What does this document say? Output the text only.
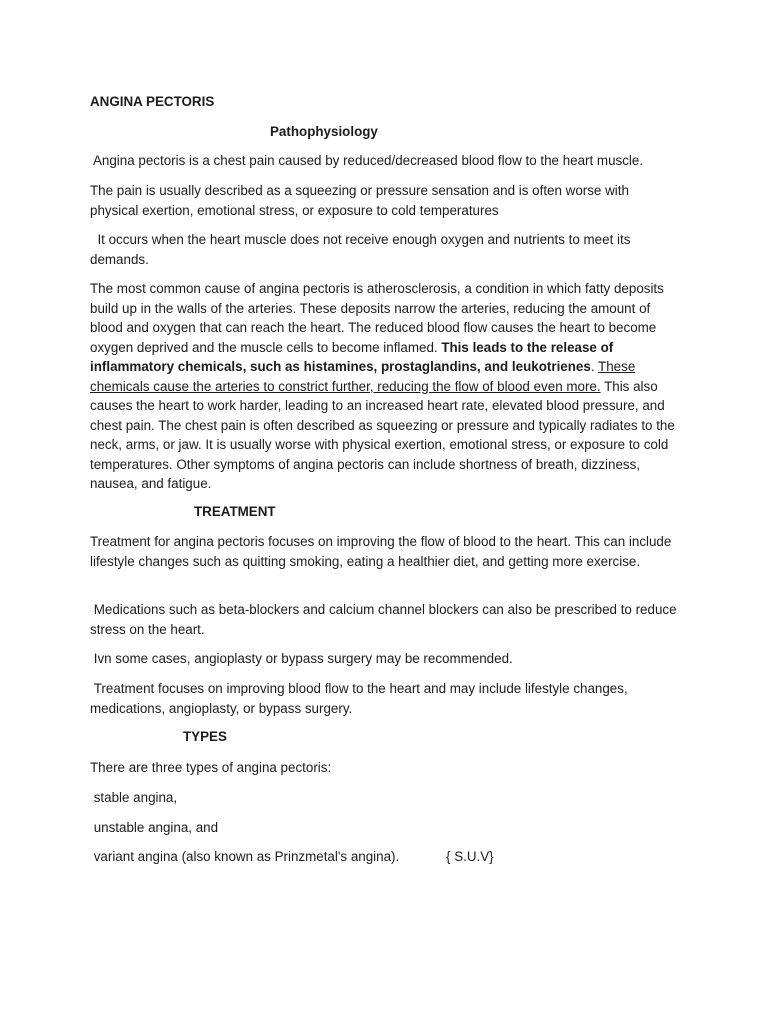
ANGINA PECTORIS
Pathophysiology

Angina pectoris is a chest pain caused by reduced/decreased blood flow to the heart muscle.

The pain is usually described as a squeezing or pressure sensation and is often worse with physical exertion, emotional stress, or exposure to cold temperatures

It occurs when the heart muscle does not receive enough oxygen and nutrients to meet its demands.

The most common cause of angina pectoris is atherosclerosis, a condition in which fatty deposits build up in the walls of the arteries. These deposits narrow the arteries, reducing the amount of blood and oxygen that can reach the heart. The reduced blood flow causes the heart to become oxygen deprived and the muscle cells to become inflamed. This leads to the release of inflammatory chemicals, such as histamines, prostaglandins, and leukotrienes. These chemicals cause the arteries to constrict further, reducing the flow of blood even more. This also causes the heart to work harder, leading to an increased heart rate, elevated blood pressure, and chest pain. The chest pain is often described as squeezing or pressure and typically radiates to the neck, arms, or jaw. It is usually worse with physical exertion, emotional stress, or exposure to cold temperatures. Other symptoms of angina pectoris can include shortness of breath, dizziness, nausea, and fatigue.

TREATMENT

Treatment for angina pectoris focuses on improving the flow of blood to the heart. This can include lifestyle changes such as quitting smoking, eating a healthier diet, and getting more exercise.

Medications such as beta-blockers and calcium channel blockers can also be prescribed to reduce stress on the heart.

Ivn some cases, angioplasty or bypass surgery may be recommended.

Treatment focuses on improving blood flow to the heart and may include lifestyle changes, medications, angioplasty, or bypass surgery.

TYPES
There are three types of angina pectoris:
stable angina,
unstable angina, and
variant angina (also known as Prinzmetal's angina).	{ S.U.V}
